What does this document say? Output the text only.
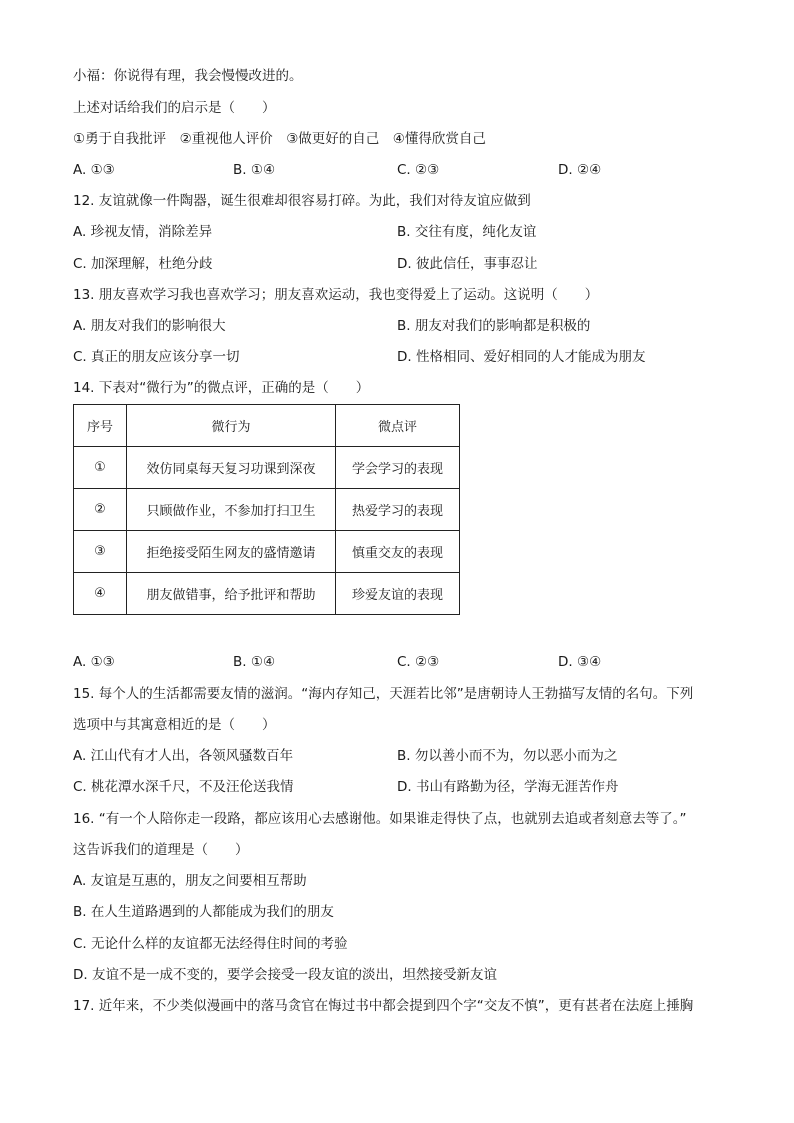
小福：你说得有理，我会慢慢改进的。
上述对话给我们的启示是（　　）
①勇于自我批评　②重视他人评价　③做更好的自己　④懂得欣赏自己
A. ①③	B. ①④	C. ②③	D. ②④
12. 友谊就像一件陶器，诞生很难却很容易打碎。为此，我们对待友谊应做到
A. 珍视友情，消除差异	B. 交往有度，纯化友谊
C. 加深理解，杜绝分歧	D. 彼此信任，事事忍让
13. 朋友喜欢学习我也喜欢学习；朋友喜欢运动，我也变得爱上了运动。这说明（　　）
A. 朋友对我们的影响很大	B. 朋友对我们的影响都是积极的
C. 真正的朋友应该分享一切	D. 性格相同、爱好相同的人才能成为朋友
14. 下表对“微行为”的微点评，正确的是（　　）
序号	微行为	微点评
①	效仿同桌每天复习功课到深夜	学会学习的表现
②	只顾做作业，不参加打扫卫生	热爱学习的表现
③	拒绝接受陌生网友的盛情邀请	慎重交友的表现
④	朋友做错事，给予批评和帮助	珍爱友谊的表现
A. ①③	B. ①④	C. ②③	D. ③④
15. 每个人的生活都需要友情的滋润。“海内存知己，天涯若比邻”是唐朝诗人王勃描写友情的名句。下列
选项中与其寓意相近的是（　　）
A. 江山代有才人出，各领风骚数百年	B. 勿以善小而不为，勿以恶小而为之
C. 桃花潭水深千尺，不及汪伦送我情	D. 书山有路勤为径，学海无涯苦作舟
16. “有一个人陪你走一段路，都应该用心去感谢他。如果谁走得快了点，也就别去追或者刻意去等了。”
这告诉我们的道理是（　　）
A. 友谊是互惠的，朋友之间要相互帮助
B. 在人生道路遇到的人都能成为我们的朋友
C. 无论什么样的友谊都无法经得住时间的考验
D. 友谊不是一成不变的，要学会接受一段友谊的淡出，坦然接受新友谊
17. 近年来，不少类似漫画中的落马贪官在悔过书中都会提到四个字“交友不慎”，更有甚者在法庭上捶胸
